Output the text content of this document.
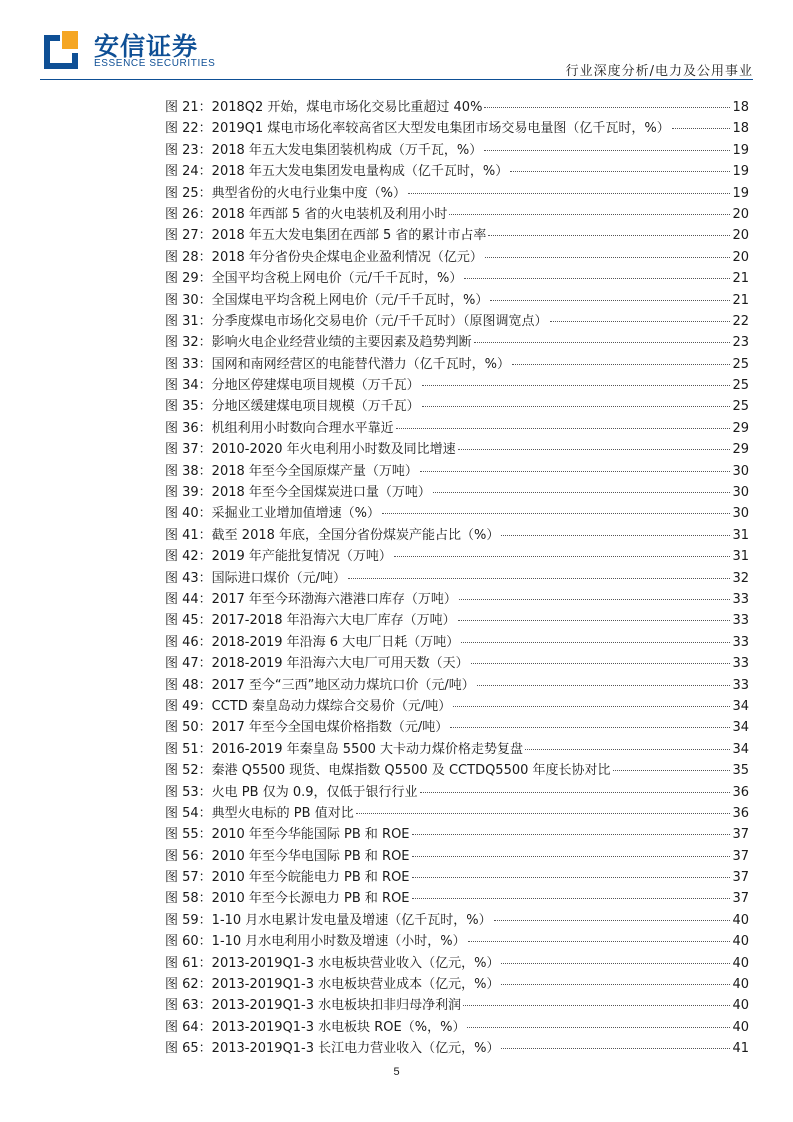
安信证券
ESSENCE SECURITIES
行业深度分析/电力及公用事业
图 21：2018Q2 开始，煤电市场化交易比重超过 40%	18
图 22：2019Q1 煤电市场化率较高省区大型发电集团市场交易电量图（亿千瓦时，%）	18
图 23：2018 年五大发电集团装机构成（万千瓦，%）	19
图 24：2018 年五大发电集团发电量构成（亿千瓦时，%）	19
图 25：典型省份的火电行业集中度（%）	19
图 26：2018 年西部 5 省的火电装机及利用小时	20
图 27：2018 年五大发电集团在西部 5 省的累计市占率	20
图 28：2018 年分省份央企煤电企业盈利情况（亿元）	20
图 29：全国平均含税上网电价（元/千千瓦时，%）	21
图 30：全国煤电平均含税上网电价（元/千千瓦时，%）	21
图 31：分季度煤电市场化交易电价（元/千千瓦时）（原图调宽点）	22
图 32：影响火电企业经营业绩的主要因素及趋势判断	23
图 33：国网和南网经营区的电能替代潜力（亿千瓦时，%）	25
图 34：分地区停建煤电项目规模（万千瓦）	25
图 35：分地区缓建煤电项目规模（万千瓦）	25
图 36：机组利用小时数向合理水平靠近	29
图 37：2010-2020 年火电利用小时数及同比增速	29
图 38：2018 年至今全国原煤产量（万吨）	30
图 39：2018 年至今全国煤炭进口量（万吨）	30
图 40：采掘业工业增加值增速（%）	30
图 41：截至 2018 年底，全国分省份煤炭产能占比（%）	31
图 42：2019 年产能批复情况（万吨）	31
图 43：国际进口煤价（元/吨）	32
图 44：2017 年至今环渤海六港港口库存（万吨）	33
图 45：2017-2018 年沿海六大电厂库存（万吨）	33
图 46：2018-2019 年沿海 6 大电厂日耗（万吨）	33
图 47：2018-2019 年沿海六大电厂可用天数（天）	33
图 48：2017 至今“三西”地区动力煤坑口价（元/吨）	33
图 49：CCTD 秦皇岛动力煤综合交易价（元/吨）	34
图 50：2017 年至今全国电煤价格指数（元/吨）	34
图 51：2016-2019 年秦皇岛 5500 大卡动力煤价格走势复盘	34
图 52：秦港 Q5500 现货、电煤指数 Q5500 及 CCTDQ5500 年度长协对比	35
图 53：火电 PB 仅为 0.9，仅低于银行行业	36
图 54：典型火电标的 PB 值对比	36
图 55：2010 年至今华能国际 PB 和 ROE	37
图 56：2010 年至今华电国际 PB 和 ROE	37
图 57：2010 年至今皖能电力 PB 和 ROE	37
图 58：2010 年至今长源电力 PB 和 ROE	37
图 59：1-10 月水电累计发电量及增速（亿千瓦时，%）	40
图 60：1-10 月水电利用小时数及增速（小时，%）	40
图 61：2013-2019Q1-3 水电板块营业收入（亿元，%）	40
图 62：2013-2019Q1-3 水电板块营业成本（亿元，%）	40
图 63：2013-2019Q1-3 水电板块扣非归母净利润	40
图 64：2013-2019Q1-3 水电板块 ROE（%，%）	40
图 65：2013-2019Q1-3 长江电力营业收入（亿元，%）	41
5
